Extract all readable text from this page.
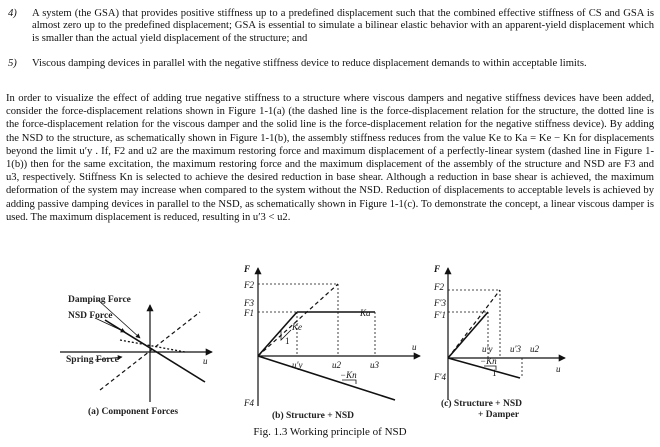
4) A system (the GSA) that provides positive stiffness up to a predefined displacement such that the combined effective stiffness of CS and GSA is almost zero up to the predefined displacement; GSA is essential to simulate a bilinear elastic behavior with an apparent-yield displacement which is smaller than the actual yield displacement of the structure; and
5) Viscous damping devices in parallel with the negative stiffness device to reduce displacement demands to within acceptable limits.
In order to visualize the effect of adding true negative stiffness to a structure where viscous dampers and negative stiffness devices have been added, consider the force-displacement relations shown in Figure 1-1(a) (the dashed line is the force-displacement relation for the structure, the dotted line is the force-displacement relation for the viscous damper and the solid line is the force-displacement relation for the negative stiffness device). By adding the NSD to the structure, as schematically shown in Figure 1-1(b), the assembly stiffness reduces from the value Ke to Ka = Ke − Kn for displacements beyond the limit u′y . If, F2 and u2 are the maximum restoring force and maximum displacement of a perfectly-linear system (dashed line in Figure 1-1(b)) then for the same excitation, the maximum restoring force and the maximum displacement of the assembly of the structure and NSD are F3 and u3, respectively. Stiffness Kn is selected to achieve the desired reduction in base shear. Although a reduction in base shear is achieved, the maximum deformation of the system may increase when compared to the system without the NSD. Reduction of displacements to acceptable levels is achieved by adding passive damping devices in parallel to the NSD, as schematically shown in Figure 1-1(c). To demonstrate the concept, a linear viscous damper is used. The maximum displacement is reduced, resulting in u′3 < u2.
Damping Force
NSD Force
Spring Force	u
(a) Component Forces
F
F2
F3
F1
F4
Ke
1
Ka
−Kn
u′y	u2	u3
u
(b) Structure + NSD
F
F2
F′3
F′1
F′4
u′y u′3 u2
−Kn
1	u
(c) Structure + NSD
+ Damper
Fig. 1.3 Working principle of NSD
